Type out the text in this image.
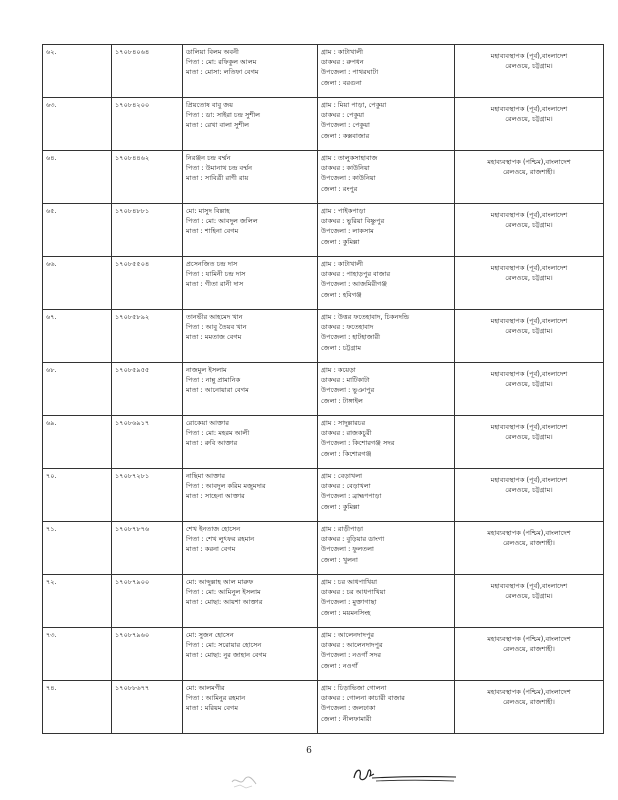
৬২.	১৭০৮৪০৬৪	ডালিয়া বিলম অবনী
পিতা : মো: রফিকুল আলম
মাতা : মোসা: লতিফা বেগম	গ্রাম : কাটাখালী
ডাকঘর : রুপধন
উপজেলা : পাথরঘাটা
জেলা : বরগুনা	মহাব্যবস্থাপক (পূর্ব),বাংলাদেশ
রেলওয়ে, চট্টগ্রাম।

৬৩.	১৭০৮৪২০০	প্রিয়তোষ বাবু জয়
পিতা : ডা: সাইরা চন্দ্র সুশীল
মাতা : রেখা বালা সুশীল	গ্রাম : মিয়া পাড়া, পেকুয়া
ডাকঘর : পেকুয়া
উপজেলা : পেকুয়া
জেলা : কক্সবাজার	মহাব্যবস্থাপক (পূর্ব),বাংলাদেশ
রেলওয়ে, চট্টগ্রাম।

৬৪.	১৭০৮৪৪৬২	নিরঞ্জন চন্দ্র বর্ম্মন
পিতা : উমানাথ চন্দ্র বর্ম্মন
মাতা : সাবিত্রী রাণী রায়	গ্রাম : তালুকসাহাবাজ
ডাকঘর : কাউনিয়া
উপজেলা : কাউনিয়া
জেলা : রংপুর	মহাব্যবস্থাপক (পশ্চিম),বাংলাদেশ
রেলওয়ে, রাজশাহী।

৬৫.	১৭০৮৪৮৮১	মো: মাসুদ বিল্লাহ
পিতা : মো: আবদুল জলিল
মাতা : শাহিনা বেগম	গ্রাম : পাইকপাড়া
ডাকঘর : ভুরিয়া বিষ্ণুপুর
উপজেলা : লাকসাম
জেলা : কুমিল্লা	মহাব্যবস্থাপক (পূর্ব),বাংলাদেশ
রেলওয়ে, চট্টগ্রাম।

৬৬.	১৭০৮৫৫০৪	প্রসেনজিত চন্দ্র দাস
পিতা : যামিনী চন্দ্র দাস
মাতা : গীতা রানী দাস	গ্রাম : কাটাখালী
ডাকঘর : পাহাড়পুর বাজার
উপজেলা : আজমিরীগঞ্জ
জেলা : হবিগঞ্জ	মহাব্যবস্থাপক (পূর্ব),বাংলাদেশ
রেলওয়ে, চট্টগ্রাম।

৬৭.	১৭০৮৫৮৯২	তানভীর আহমেদ খান
পিতা : আবু তৈয়ব খান
মাতা : মমতাজ বেগম	গ্রাম : উত্তর ফতেহাবাদ, চিকনদন্ডি
ডাকঘর : ফতেহাবাদ
উপজেলা : হাটহাজারী
জেলা : চট্টগ্রাম	মহাব্যবস্থাপক (পূর্ব),বাংলাদেশ
রেলওয়ে, চট্টগ্রাম।

৬৮.	১৭০৮৫৯৫৫	নাজমুল ইসলাম
পিতা : নান্নু প্রামানিক
মাতা : আনোয়ারা বেগম	গ্রাম : কয়েড়া
ডাকঘর : মাটিকাটা
উপজেলা : ভুঞাপুর
জেলা : টাঙ্গাইল	মহাব্যবস্থাপক (পূর্ব),বাংলাদেশ
রেলওয়ে, চট্টগ্রাম।

৬৯.	১৭০৮৬৯১৭	রোকেয়া আক্তার
পিতা : মো: মহরম আলী
মাতা : রুবি আক্তার	গ্রাম : সাদুল্লারচর
ডাকঘর : রাজকচুরী
উপজেলা : কিশোরগঞ্জ সদর
জেলা : কিশোরগঞ্জ	মহাব্যবস্থাপক (পূর্ব),বাংলাদেশ
রেলওয়ে, চট্টগ্রাম।

৭০.	১৭০৮৭২৮১	নাছিমা আক্তার
পিতা : আবদুল করিম মজুমদার
মাতা : সাহেনা আক্তার	গ্রাম : বেড়াখলা
ডাকঘর : বেড়াখলা
উপজেলা : ব্রাহ্মণপাড়া
জেলা : কুমিল্লা	মহাব্যবস্থাপক (পূর্ব),বাংলাদেশ
রেলওয়ে, চট্টগ্রাম।

৭১.	১৭০৮৭৮৭৬	শেখ ইনতাজ হোসেন
পিতা : শেখ লুৎফর রহমান
মাতা : করনা বেগম	গ্রাম : রাড়ীপাড়া
ডাকঘর : বুড়িয়ার ডাংগা
উপজেলা : ফুলতলা
জেলা : খুলনা	মহাব্যবস্থাপক (পশ্চিম),বাংলাদেশ
রেলওয়ে, রাজশাহী।

৭২.	১৭০৮৭৯০০	মো: আব্দুল্লাহ আল মারুফ
পিতা : মো: আমিনুল ইসলাম
মাতা : মোছা: আয়শা আক্তার	গ্রাম : চর আধপাখিয়া
ডাকঘর : চর আধপাখিয়া
উপজেলা : মুক্তাগাছা
জেলা : ময়মনসিংহ	মহাব্যবস্থাপক (পূর্ব),বাংলাদেশ
রেলওয়ে, চট্টগ্রাম।

৭৩.	১৭০৮৭৯৬০	মো: সুজন হোসেন
পিতা : মো: সরোয়ার হোসেন
মাতা : মোছা: নুর জাহান বেগম	গ্রাম : আলেনদাদপুর
ডাকঘর : আলেনদাদপুর
উপজেলা : নওগাঁ সদর
জেলা : নওগাঁ	মহাব্যবস্থাপক (পশ্চিম),বাংলাদেশ
রেলওয়ে, রাজশাহী।

৭৪.	১৭০৮৮৬৭৭	মো: আলমগীর
পিতা : আমিনুর রহমান
মাতা : মরিয়ম বেগম	গ্রাম : চিড়াভিজা গোলনা
ডাকঘর : গোলনা কাচারী বাজার
উপজেলা : জলঢাকা
জেলা : নীলফামারী	মহাব্যবস্থাপক (পশ্চিম),বাংলাদেশ
রেলওয়ে, রাজশাহী।
6
